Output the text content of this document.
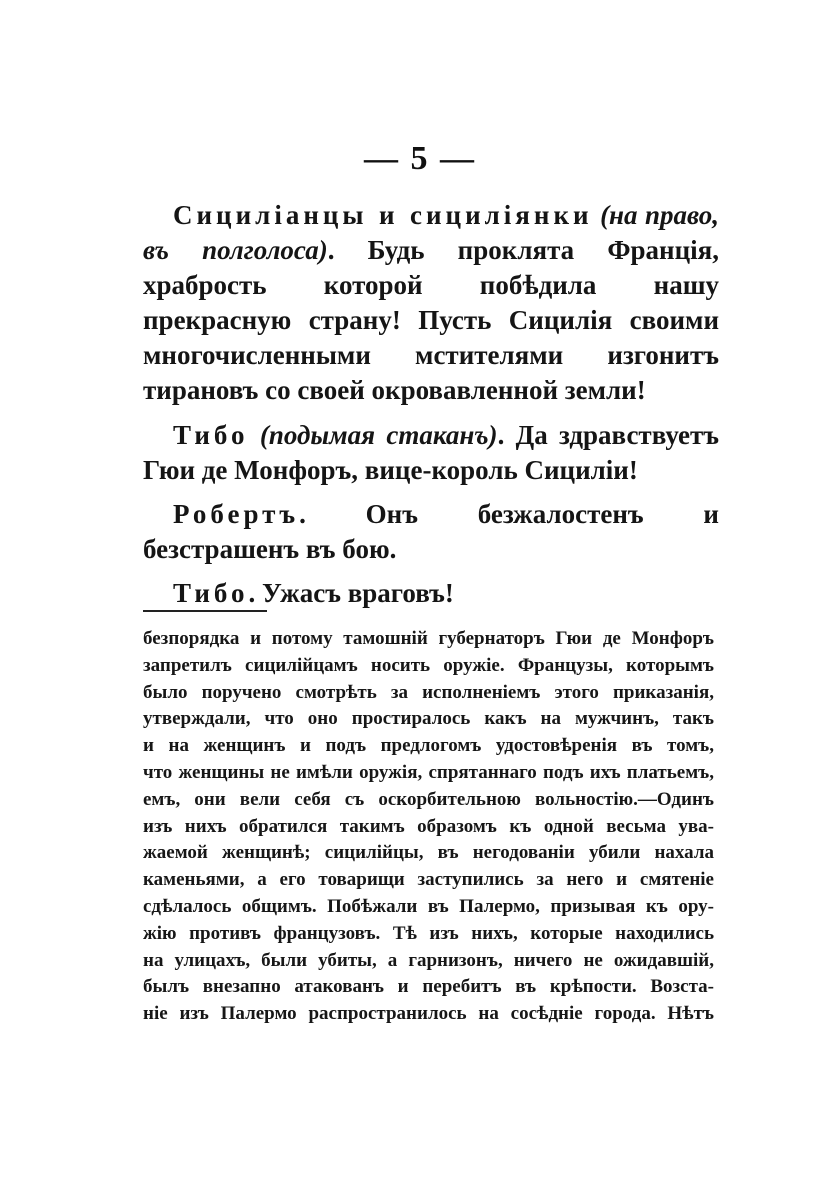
— 5 —

Сициліанцы и сициліянки (на право, въ полголоса). Будь проклята Францiя, храбрость которой побѣдила нашу прекрасную страну! Пусть Сицилія своими многочисленными мстителями изгонитъ тирановъ со своей окровавленной земли!

Тибо (подымая стаканъ). Да здравствуетъ Гюи де Монфоръ, вице-король Сициліи!

Робертъ. Онъ безжалостенъ и безстрашенъ въ бою.

Тибо. Ужасъ враговъ!

безпорядка и потому тамошній губернаторъ Гюи де Монфоръ
запретилъ сицилійцамъ носить оружіе. Французы, которымъ
было поручено смотрѣть за исполненіемъ этого приказанія,
утверждали, что оно простиралось какъ на мужчинъ, такъ
и на женщинъ и подъ предлогомъ удостовѣренія въ томъ,
что женщины не имѣли оружія, спрятаннаго подъ ихъ платьемъ,
емъ, они вели себя съ оскорбительною вольностію.—Одинъ
изъ нихъ обратился такимъ образомъ къ одной весьма ува-
жаемой женщинѣ; сицилійцы, въ негодованіи убили нахала
каменьями, а его товарищи заступились за него и смятеніе
сдѣлалось общимъ. Побѣжали въ Палермо, призывая къ ору-
жію противъ французовъ. Тѣ изъ нихъ, которые находились
на улицахъ, были убиты, а гарнизонъ, ничего не ожидавшій,
былъ внезапно атакованъ и перебитъ въ крѣпости. Возста-
ніе изъ Палермо распространилось на сосѣдніе города. Нѣтъ
